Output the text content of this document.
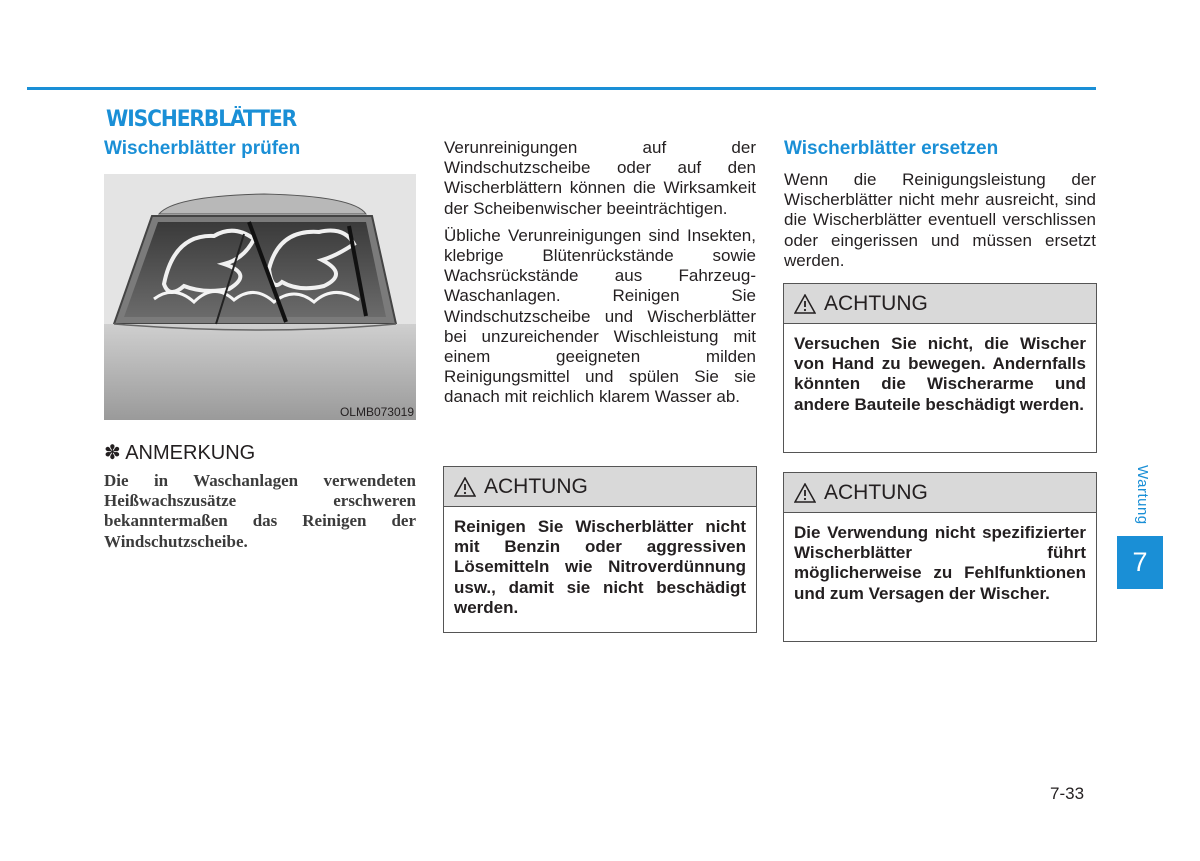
WISCHERBLÄTTER
Wischerblätter prüfen
OLMB073019
✽ ANMERKUNG
Die in Waschanlagen verwendeten Heißwachszusätze erschweren bekanntermaßen das Reinigen der Windschutzscheibe.

Verunreinigungen auf der Windschutzscheibe oder auf den Wischerblättern können die Wirksamkeit der Scheibenwischer beeinträchtigen.

Übliche Verunreinigungen sind Insekten, klebrige Blütenrückstände sowie Wachsrückstände aus Fahrzeug-Waschanlagen. Reinigen Sie Windschutzscheibe und Wischerblätter bei unzureichender Wischleistung mit einem geeigneten milden Reinigungsmittel und spülen Sie sie danach mit reichlich klarem Wasser ab.

ACHTUNG
Reinigen Sie Wischerblätter nicht mit Benzin oder aggressiven Lösemitteln wie Nitroverdünnung usw., damit sie nicht beschädigt werden.
Wischerblätter ersetzen
Wenn die Reinigungsleistung der Wischerblätter nicht mehr ausreicht, sind die Wischerblätter eventuell verschlissen oder eingerissen und müssen ersetzt werden.
ACHTUNG
Versuchen Sie nicht, die Wischer von Hand zu bewegen. Andernfalls könnten die Wischerarme und andere Bauteile beschädigt werden.
ACHTUNG
Die Verwendung nicht spezifizierter Wischerblätter führt möglicherweise zu Fehlfunktionen und zum Versagen der Wischer.
Wartung
7
7-33
